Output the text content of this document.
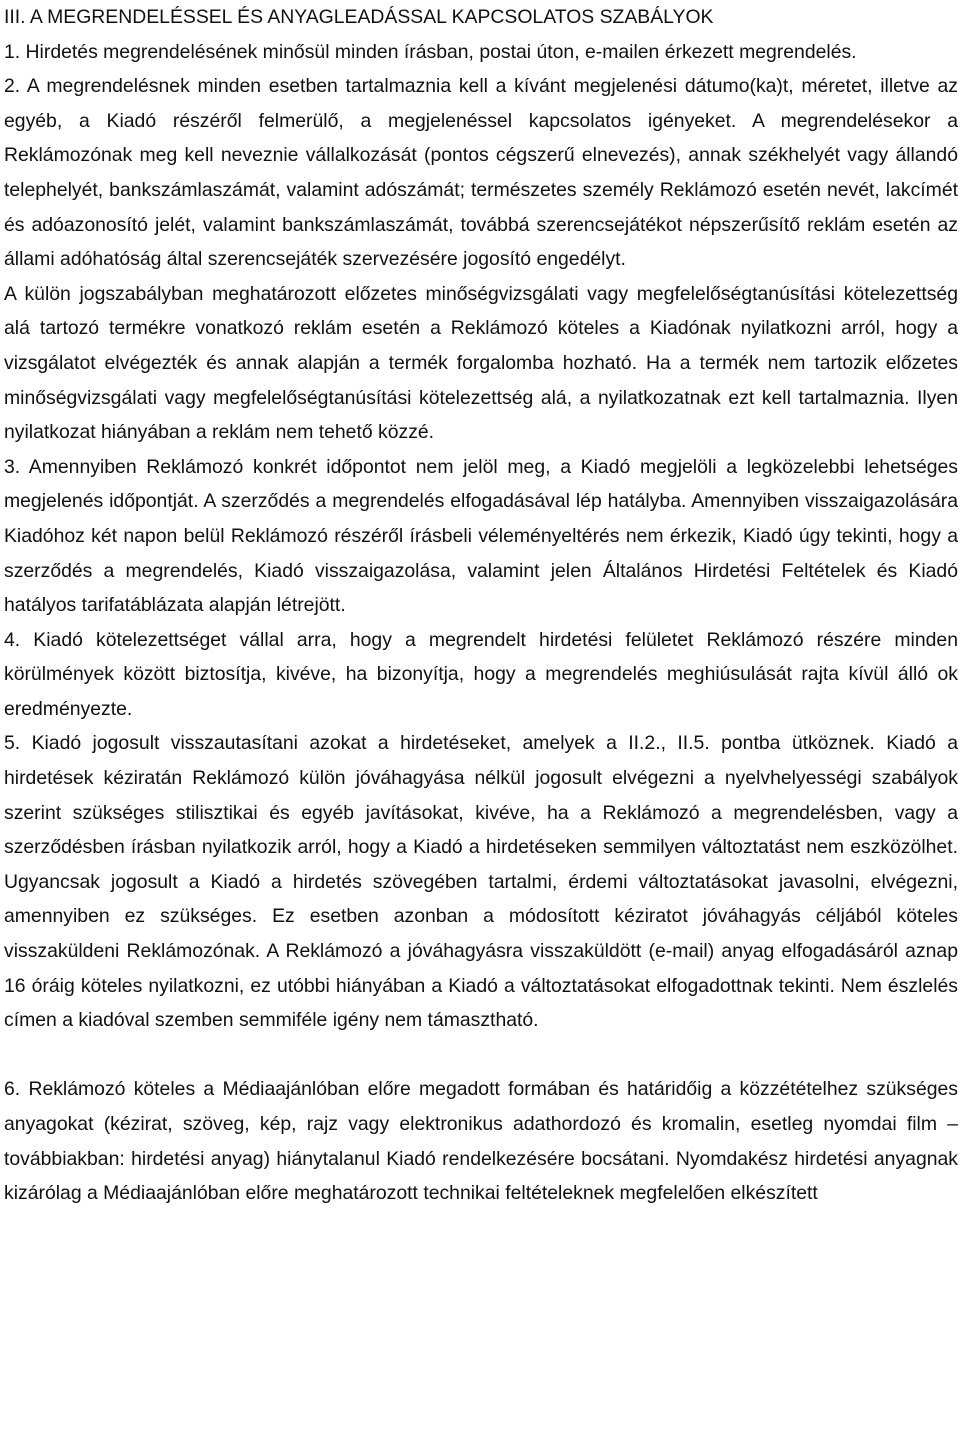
III. A MEGRENDELÉSSEL ÉS ANYAGLEADÁSSAL KAPCSOLATOS SZABÁLYOK

1. Hirdetés megrendelésének minősül minden írásban, postai úton, e-mailen érkezett megrendelés.

2. A megrendelésnek minden esetben tartalmaznia kell a kívánt megjelenési dátumo(ka)t, méretet, illetve az egyéb, a Kiadó részéről felmerülő, a megjelenéssel kapcsolatos igényeket. A megrendelésekor a Reklámozónak meg kell neveznie vállalkozását (pontos cégszerű elnevezés), annak székhelyét vagy állandó telephelyét, bankszámlaszámát, valamint adószámát; természetes személy Reklámozó esetén nevét, lakcímét és adóazonosító jelét, valamint bankszámlaszámát, továbbá szerencsejátékot népszerűsítő reklám esetén az állami adóhatóság által szerencsejáték szervezésére jogosító engedélyt.

A külön jogszabályban meghatározott előzetes minőségvizsgálati vagy megfelelőségtanúsítási kötelezettség alá tartozó termékre vonatkozó reklám esetén a Reklámozó köteles a Kiadónak nyilatkozni arról, hogy a vizsgálatot elvégezték és annak alapján a termék forgalomba hozható. Ha a termék nem tartozik előzetes minőségvizsgálati vagy megfelelőségtanúsítási kötelezettség alá, a nyilatkozatnak ezt kell tartalmaznia. Ilyen nyilatkozat hiányában a reklám nem tehető közzé.

3. Amennyiben Reklámozó konkrét időpontot nem jelöl meg, a Kiadó megjelöli a legközelebbi lehetséges megjelenés időpontját. A szerződés a megrendelés elfogadásával lép hatályba. Amennyiben visszaigazolására Kiadóhoz két napon belül Reklámozó részéről írásbeli véleményeltérés nem érkezik, Kiadó úgy tekinti, hogy a szerződés a megrendelés, Kiadó visszaigazolása, valamint jelen Általános Hirdetési Feltételek és Kiadó hatályos tarifatáblázata alapján létrejött.

4. Kiadó kötelezettséget vállal arra, hogy a megrendelt hirdetési felületet Reklámozó részére minden körülmények között biztosítja, kivéve, ha bizonyítja, hogy a megrendelés meghiúsulását rajta kívül álló ok eredményezte.

5. Kiadó jogosult visszautasítani azokat a hirdetéseket, amelyek a II.2., II.5. pontba ütköznek. Kiadó a hirdetések kéziratán Reklámozó külön jóváhagyása nélkül jogosult elvégezni a nyelvhelyességi szabályok szerint szükséges stilisztikai és egyéb javításokat, kivéve, ha a Reklámozó a megrendelésben, vagy a szerződésben írásban nyilatkozik arról, hogy a Kiadó a hirdetéseken semmilyen változtatást nem eszközölhet. Ugyancsak jogosult a Kiadó a hirdetés szövegében tartalmi, érdemi változtatásokat javasolni, elvégezni, amennyiben ez szükséges. Ez esetben azonban a módosított kéziratot jóváhagyás céljából köteles visszaküldeni Reklámozónak. A Reklámozó a jóváhagyásra visszaküldött (e-mail) anyag elfogadásáról aznap 16 óráig köteles nyilatkozni, ez utóbbi hiányában a Kiadó a változtatásokat elfogadottnak tekinti. Nem észlelés címen a kiadóval szemben semmiféle igény nem támasztható.

6. Reklámozó köteles a Médiaajánlóban előre megadott formában és határidőig a közzétételhez szükséges anyagokat (kézirat, szöveg, kép, rajz vagy elektronikus adathordozó és kromalin, esetleg nyomdai film – továbbiakban: hirdetési anyag) hiánytalanul Kiadó rendelkezésére bocsátani. Nyomdakész hirdetési anyagnak kizárólag a Médiaajánlóban előre meghatározott technikai feltételeknek megfelelően elkészített
